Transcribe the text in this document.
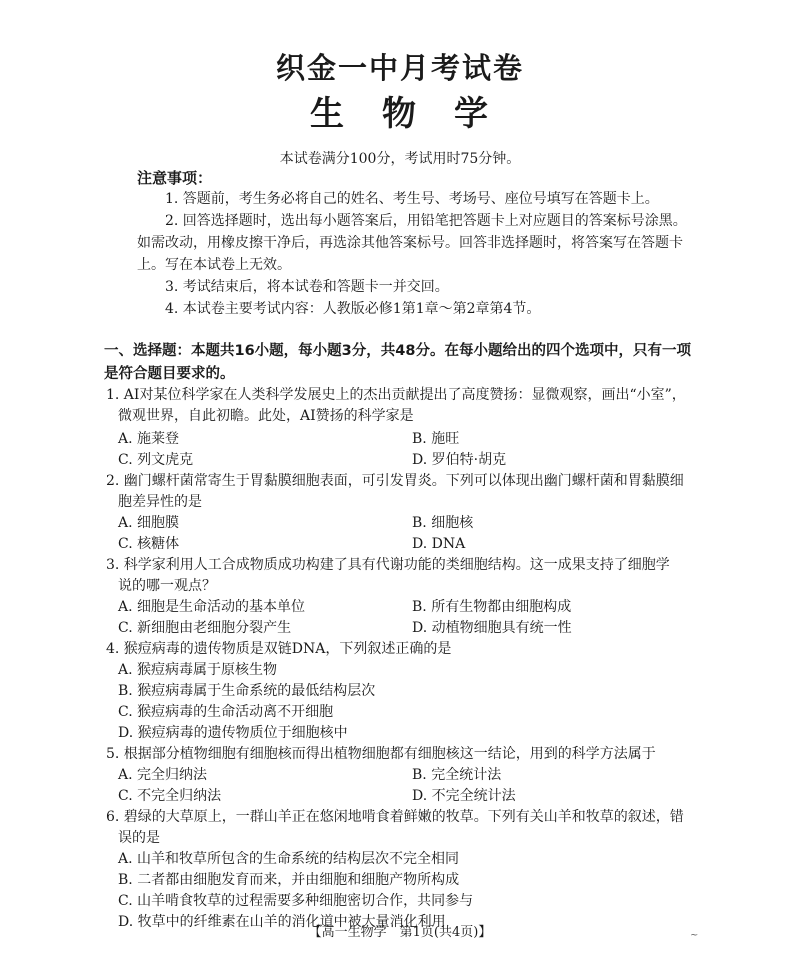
织金一中月考试卷
生　物　学
本试卷满分100分，考试用时75分钟。
注意事项：
1. 答题前，考生务必将自己的姓名、考生号、考场号、座位号填写在答题卡上。
2. 回答选择题时，选出每小题答案后，用铅笔把答题卡上对应题目的答案标号涂黑。如需改动，用橡皮擦干净后，再选涂其他答案标号。回答非选择题时，将答案写在答题卡上。写在本试卷上无效。
3. 考试结束后，将本试卷和答题卡一并交回。
4. 本试卷主要考试内容：人教版必修1第1章～第2章第4节。
一、选择题：本题共16小题，每小题3分，共48分。在每小题给出的四个选项中，只有一项是符合题目要求的。
1. AI对某位科学家在人类科学发展史上的杰出贡献提出了高度赞扬：显微观察，画出“小室”，
微观世界，自此初瞻。此处，AI赞扬的科学家是
A. 施莱登	B. 施旺
C. 列文虎克	D. 罗伯特·胡克
2. 幽门螺杆菌常寄生于胃黏膜细胞表面，可引发胃炎。下列可以体现出幽门螺杆菌和胃黏膜细
胞差异性的是
A. 细胞膜	B. 细胞核
C. 核糖体	D. DNA
3. 科学家利用人工合成物质成功构建了具有代谢功能的类细胞结构。这一成果支持了细胞学
说的哪一观点？
A. 细胞是生命活动的基本单位	B. 所有生物都由细胞构成
C. 新细胞由老细胞分裂产生	D. 动植物细胞具有统一性
4. 猴痘病毒的遗传物质是双链DNA，下列叙述正确的是
A. 猴痘病毒属于原核生物
B. 猴痘病毒属于生命系统的最低结构层次
C. 猴痘病毒的生命活动离不开细胞
D. 猴痘病毒的遗传物质位于细胞核中
5. 根据部分植物细胞有细胞核而得出植物细胞都有细胞核这一结论，用到的科学方法属于
A. 完全归纳法	B. 完全统计法
C. 不完全归纳法	D. 不完全统计法
6. 碧绿的大草原上，一群山羊正在悠闲地啃食着鲜嫩的牧草。下列有关山羊和牧草的叙述，错
误的是
A. 山羊和牧草所包含的生命系统的结构层次不完全相同
B. 二者都由细胞发育而来，并由细胞和细胞产物所构成
C. 山羊啃食牧草的过程需要多种细胞密切合作，共同参与
D. 牧草中的纤维素在山羊的消化道中被大量消化利用
【高一生物学　第1页(共4页)】	~
